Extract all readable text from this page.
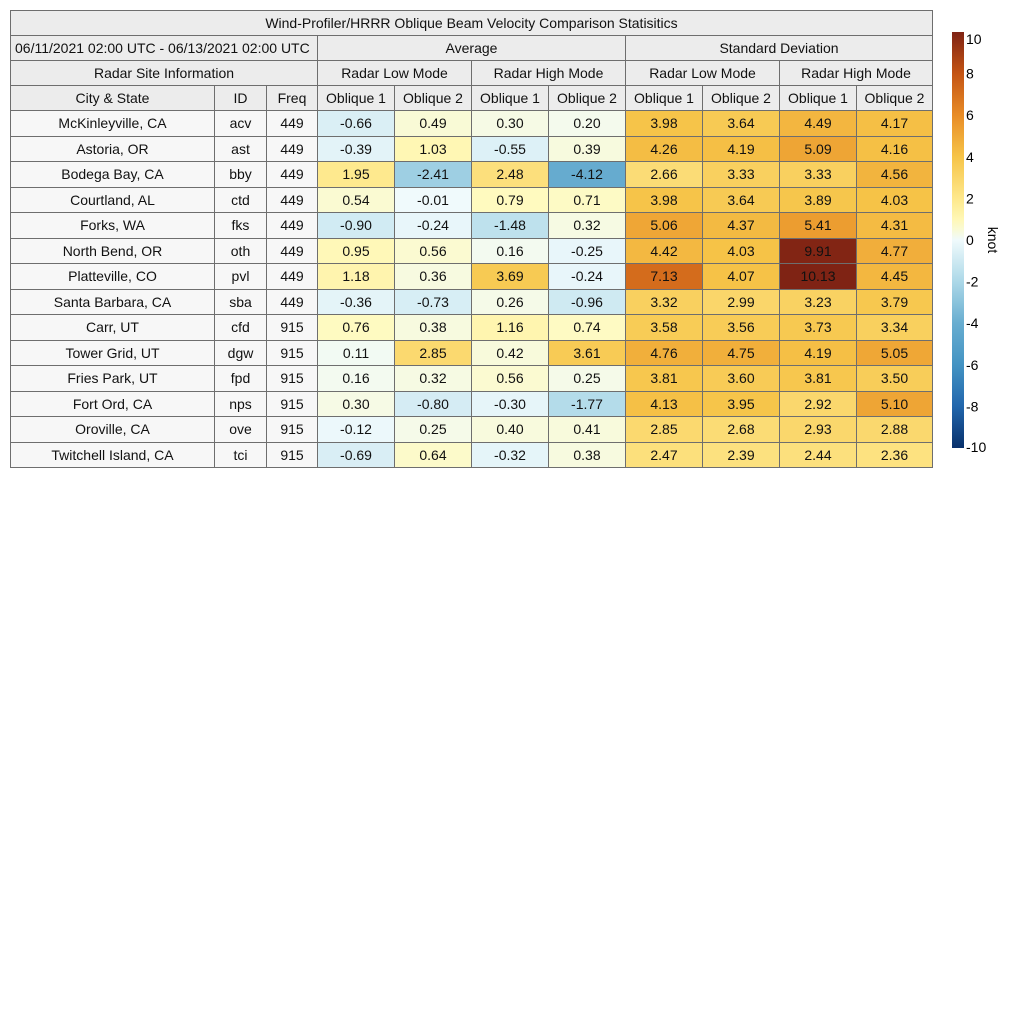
Wind-Profiler/HRRR Oblique Beam Velocity Comparison Statisitics										
06/11/2021 02:00 UTC - 06/13/2021 02:00 UTC			Average				Standard Deviation			
Radar Site Information			Radar Low Mode		Radar High Mode		Radar Low Mode		Radar High Mode	
City & State	ID	Freq	Oblique 1	Oblique 2	Oblique 1	Oblique 2	Oblique 1	Oblique 2	Oblique 1	Oblique 2
McKinleyville, CA	acv	449	-0.66	0.49	0.30	0.20	3.98	3.64	4.49	4.17
Astoria, OR	ast	449	-0.39	1.03	-0.55	0.39	4.26	4.19	5.09	4.16
Bodega Bay, CA	bby	449	1.95	-2.41	2.48	-4.12	2.66	3.33	3.33	4.56
Courtland, AL	ctd	449	0.54	-0.01	0.79	0.71	3.98	3.64	3.89	4.03
Forks, WA	fks	449	-0.90	-0.24	-1.48	0.32	5.06	4.37	5.41	4.31
North Bend, OR	oth	449	0.95	0.56	0.16	-0.25	4.42	4.03	9.91	4.77
Platteville, CO	pvl	449	1.18	0.36	3.69	-0.24	7.13	4.07	10.13	4.45
Santa Barbara, CA	sba	449	-0.36	-0.73	0.26	-0.96	3.32	2.99	3.23	3.79
Carr, UT	cfd	915	0.76	0.38	1.16	0.74	3.58	3.56	3.73	3.34
Tower Grid, UT	dgw	915	0.11	2.85	0.42	3.61	4.76	4.75	4.19	5.05
Fries Park, UT	fpd	915	0.16	0.32	0.56	0.25	3.81	3.60	3.81	3.50
Fort Ord, CA	nps	915	0.30	-0.80	-0.30	-1.77	4.13	3.95	2.92	5.10
Oroville, CA	ove	915	-0.12	0.25	0.40	0.41	2.85	2.68	2.93	2.88
Twitchell Island, CA	tci	915	-0.69	0.64	-0.32	0.38	2.47	2.39	2.44	2.36
10
8
6
4
2
0
-2
-4
-6
-8
-10
knot
